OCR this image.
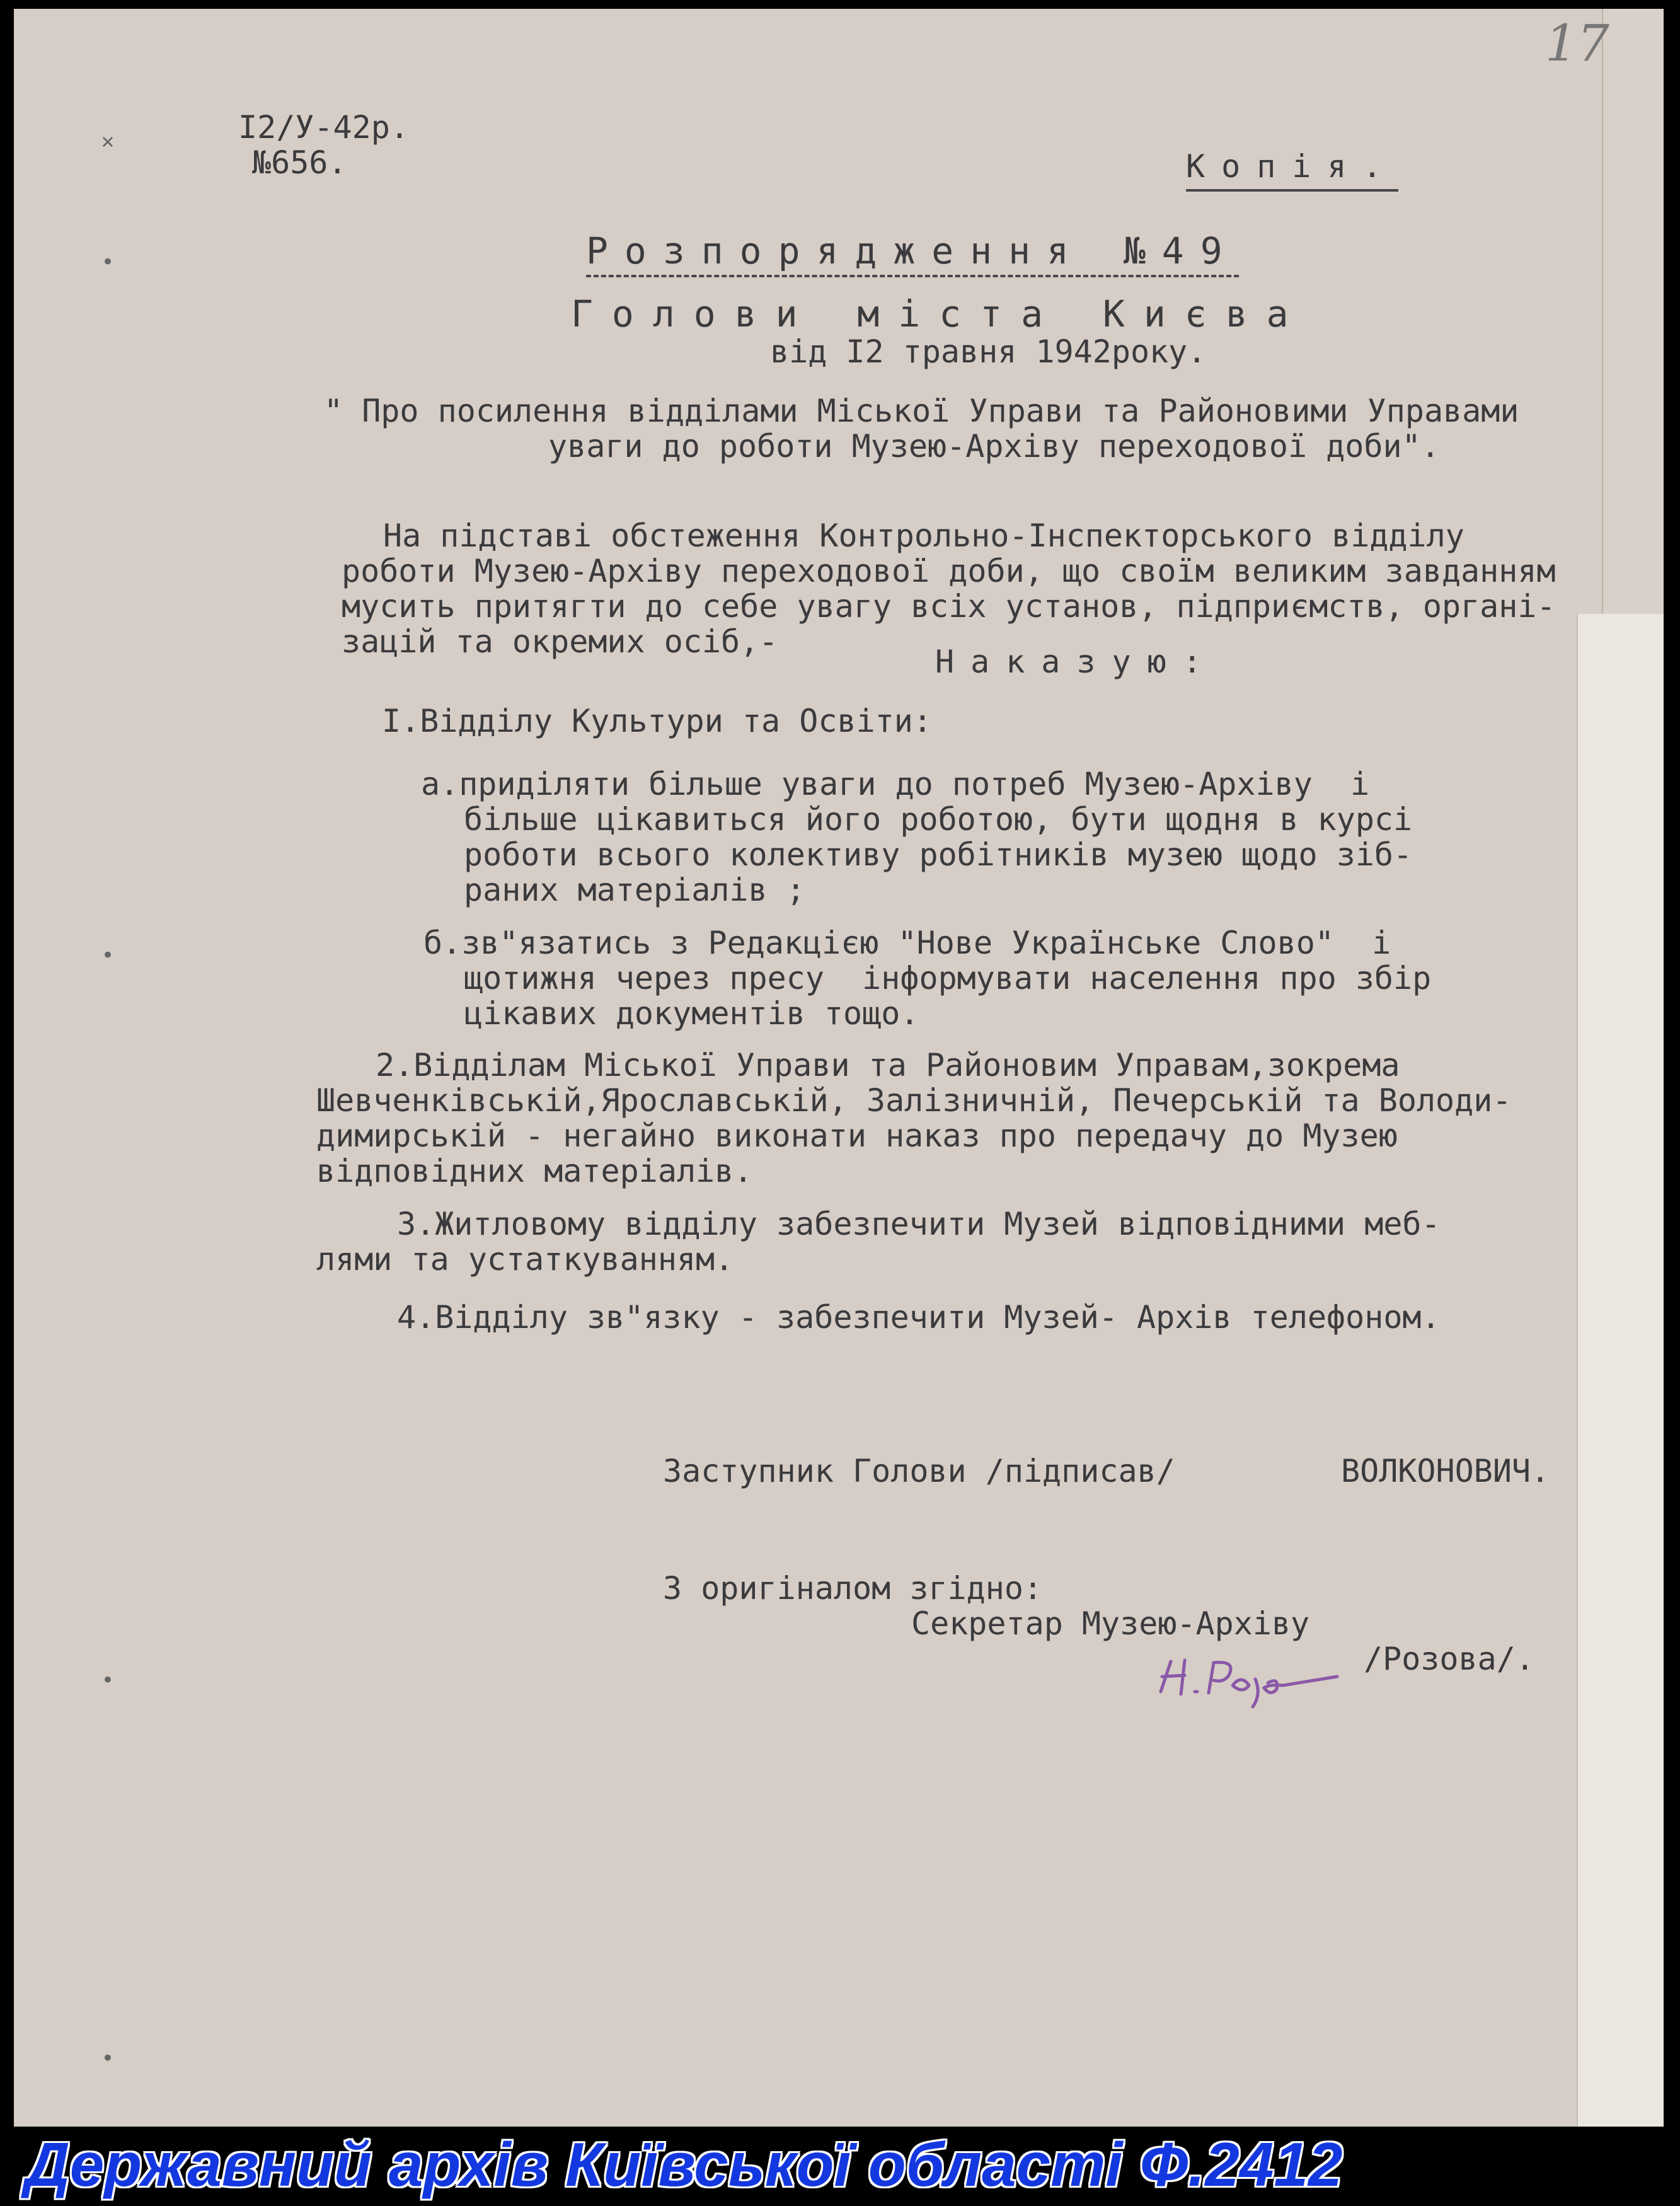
17
✕
•
•
•
•
I2/У-42р.
№656.	Копія.
Розпорядження №49
Голови міста Києва
від I2 травня 1942року.
" Про посилення відділами Міської Управи та Районовими Управами
уваги до роботи Музею-Архіву переходової доби".
На підставі обстеження Контрольно-Інспекторського відділу
роботи Музею-Архіву переходової доби, що своїм великим завданням
мусить притягти до себе увагу всіх установ, підприємств, органі-
зацій та окремих осіб,-
Наказую:
I.Відділу Культури та Освіти:
а.приділяти більше уваги до потреб Музею-Архіву  і
більше цікавиться його роботою, бути щодня в курсі
роботи всього колективу робітників музею щодо зіб-
раних матеріалів ;
б.зв"язатись з Редакцією "Нове Українське Слово"  і
щотижня через пресу  інформувати населення про збір
цікавих документів тощо.
2.Відділам Міської Управи та Районовим Управам,зокрема
Шевченківській,Ярославській, Залізничній, Печерській та Володи-
димирській - негайно виконати наказ про передачу до Музею
відповідних матеріалів.
3.Житловому відділу забезпечити Музей відповідними меб-
лями та устаткуванням.
4.Відділу зв"язку - забезпечити Музей- Архів телефоном.
Заступник Голови /підписав/	ВОЛКОНОВИЧ.
З оригіналом згідно:
Секретар Музею-Архіву
/Розова/.
Державний архів Київської області Ф.2412
